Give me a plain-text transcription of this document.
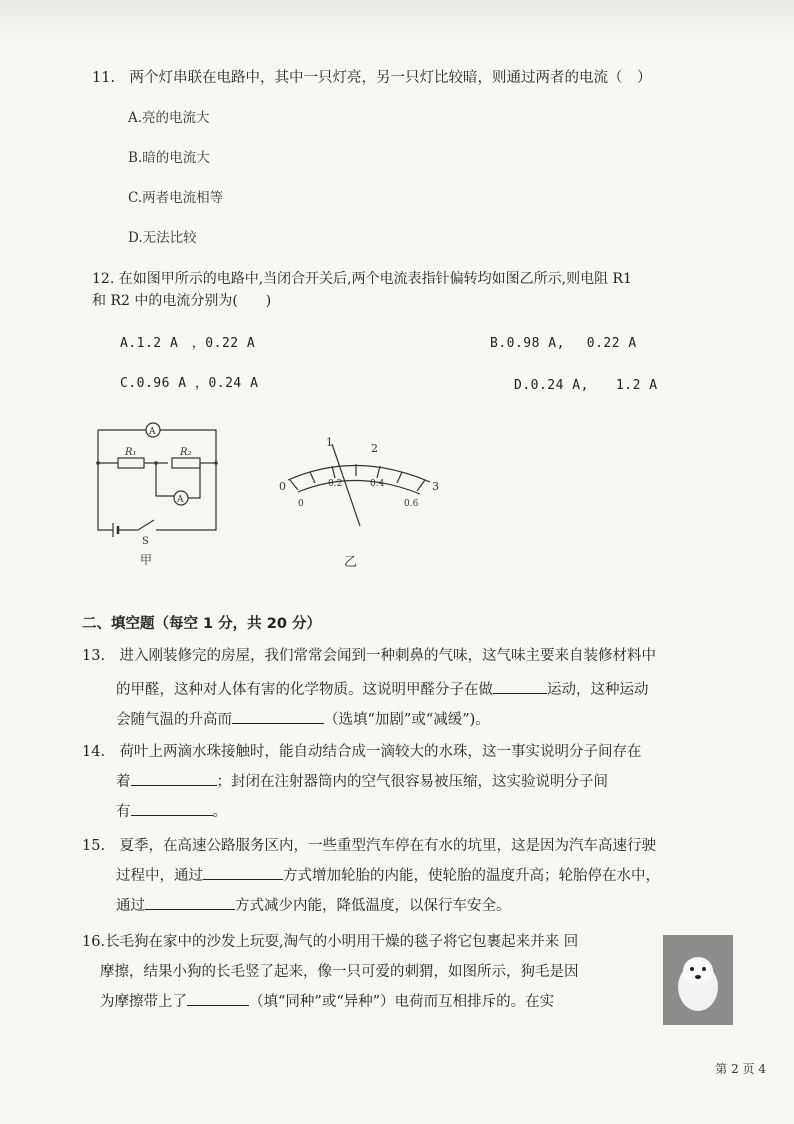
11.　两个灯串联在电路中，其中一只灯亮，另一只灯比较暗，则通过两者的电流（　）
A.亮的电流大
B.暗的电流大
C.两者电流相等
D.无法比较
12. 在如图甲所示的电路中,当闭合开关后,两个电流表指针偏转均如图乙所示,则电阻 R1
和 R2 中的电流分别为(　　)
A.1.2 A　，0.22 A	B.0.98 A,　 0.22 A
C.0.96 A ，0.24 A	D.0.24 A,　　1.2 A
A
A
R₁	R₂
S
甲
1	2
0	3
0
0.2	0.4
0.6
乙
二、填空题（每空 1 分，共 20 分）
13.　进入刚装修完的房屋，我们常常会闻到一种刺鼻的气味，这气味主要来自装修材料中
的甲醛，这种对人体有害的化学物质。这说明甲醛分子在做	运动，这种运动
会随气温的升高而	（选填“加剧”或“减缓”)。
14.　荷叶上两滴水珠接触时，能自动结合成一滴较大的水珠，这一事实说明分子间存在
着	；封闭在注射器筒内的空气很容易被压缩，这实验说明分子间
有	。
15.　夏季，在高速公路服务区内，一些重型汽车停在有水的坑里，这是因为汽车高速行驶
过程中，通过	方式增加轮胎的内能，使轮胎的温度升高；轮胎停在水中，
通过	方式减少内能，降低温度，以保行车安全。
16.长毛狗在家中的沙发上玩耍,淘气的小明用干燥的毯子将它包裹起来并来 回
摩擦，结果小狗的长毛竖了起来，像一只可爱的刺猬，如图所示，狗毛是因
为摩擦带上了	（填“同种”或“异种”）电荷而互相排斥的。在实
第 2 页 4
